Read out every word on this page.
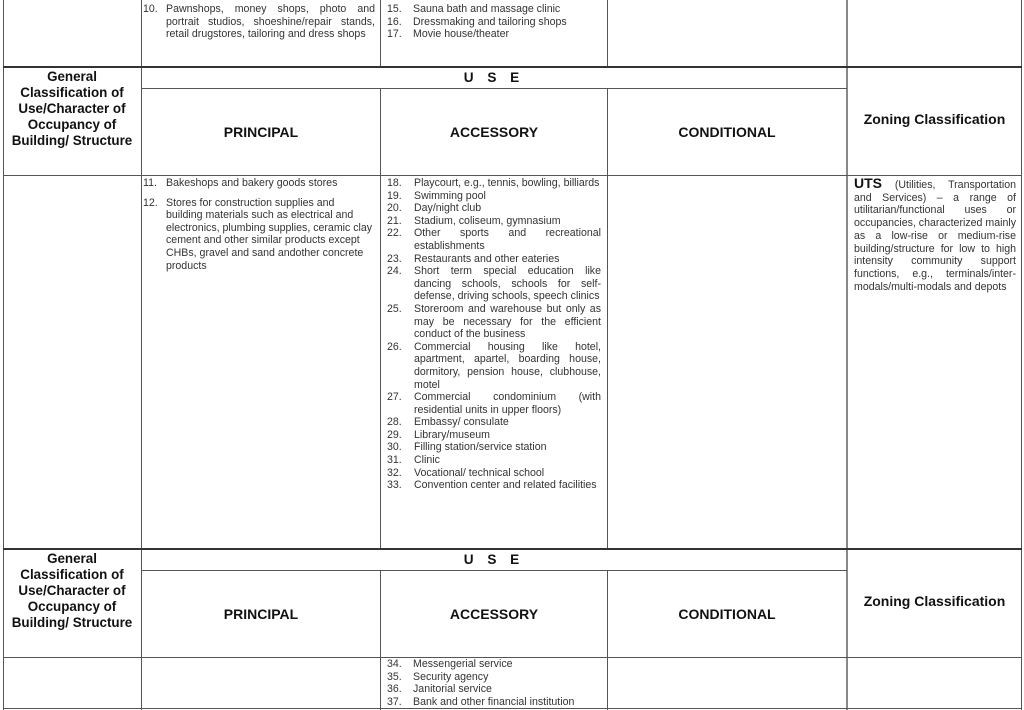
10. Pawnshops, money shops, photo and portrait studios, shoeshine/repair stands, retail drugstores, tailoring and dress shops
15.	Sauna bath and massage clinic
16.	Dressmaking and tailoring shops
17.	Movie house/theater
General Classification of Use/Character of Occupancy of Building/ Structure
U S E
PRINCIPAL	ACCESSORY	CONDITIONAL
Zoning Classification
11. Bakeshops and bakery goods stores
12. Stores for construction supplies and building materials such as electrical and electronics, plumbing supplies, ceramic clay cement and other similar products except CHBs, gravel and sand andother concrete products
18.	Playcourt, e.g., tennis, bowling, billiards
19.	Swimming pool
20.	Day/night club
21.	Stadium, coliseum, gymnasium
22.	Other sports and recreational establishments
23.	Restaurants and other eateries
24.	Short term special education like dancing schools, schools for self-defense, driving schools, speech clinics
25.	Storeroom and warehouse but only as may be necessary for the efficient conduct of the business
26.	Commercial housing like hotel, apartment, apartel, boarding house, dormitory, pension house, clubhouse, motel
27.	Commercial condominium (with residential units in upper floors)
28.	Embassy/ consulate
29.	Library/museum
30.	Filling station/service station
31.	Clinic
32.	Vocational/ technical school
33.	Convention center and related facilities
UTS (Utilities, Transportation and Services) – a range of utilitarian/functional uses or occupancies, characterized mainly as a low-rise or medium-rise building/structure for low to high intensity community support functions, e.g., terminals/inter-modals/multi-modals and depots
General Classification of Use/Character of Occupancy of Building/ Structure
U S E
PRINCIPAL	ACCESSORY	CONDITIONAL
Zoning Classification
34.	Messengerial service
35.	Security agency
36.	Janitorial service
37.	Bank and other financial institution
